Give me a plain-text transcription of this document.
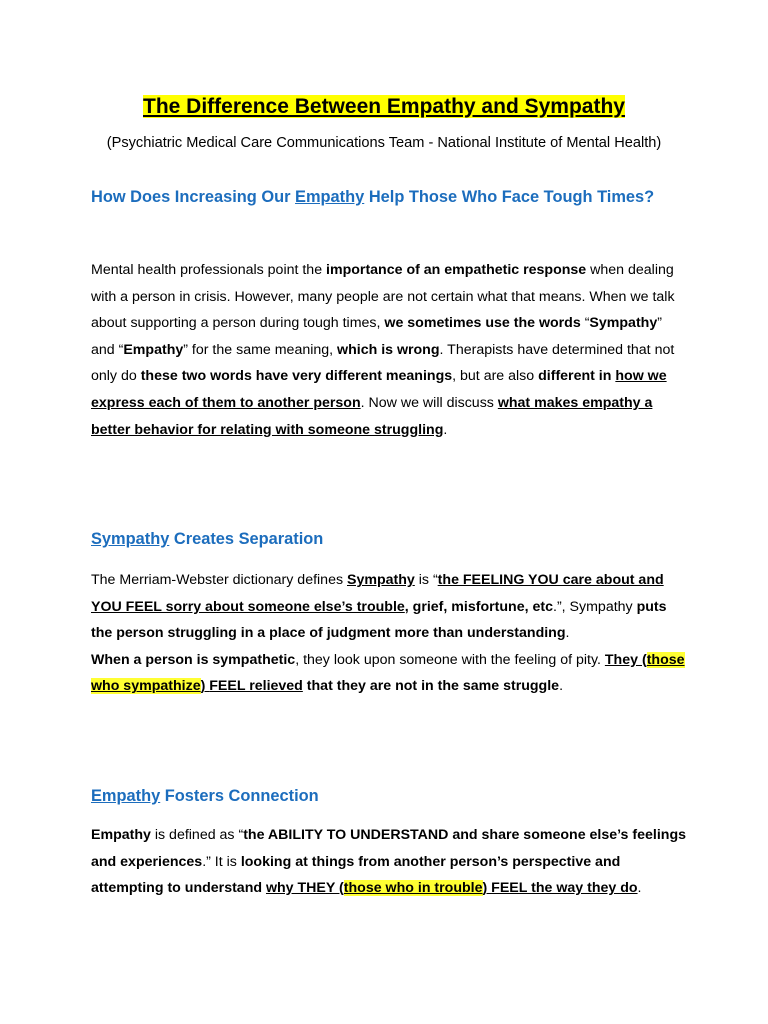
The Difference Between Empathy and Sympathy
(Psychiatric Medical Care Communications Team - National Institute of Mental Health)
How Does Increasing Our Empathy Help Those Who Face Tough Times?
Mental health professionals point the importance of an empathetic response when dealing with a person in crisis. However, many people are not certain what that means. When we talk about supporting a person during tough times, we sometimes use the words “Sympathy” and “Empathy” for the same meaning, which is wrong. Therapists have determined that not only do these two words have very different meanings, but are also different in how we express each of them to another person. Now we will discuss what makes empathy a better behavior for relating with someone struggling.
Sympathy Creates Separation
The Merriam-Webster dictionary defines Sympathy is “the FEELING YOU care about and YOU FEEL sorry about someone else’s trouble, grief, misfortune, etc.”, Sympathy puts the person struggling in a place of judgment more than understanding.
When a person is sympathetic, they look upon someone with the feeling of pity. They (those who sympathize) FEEL relieved that they are not in the same struggle.
Empathy Fosters Connection
Empathy is defined as “the ABILITY TO UNDERSTAND and share someone else’s feelings and experiences.” It is looking at things from another person’s perspective and attempting to understand why THEY (those who in trouble) FEEL the way they do.
